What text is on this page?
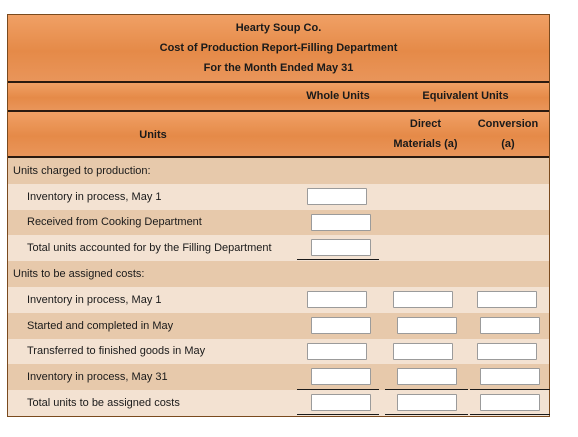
Hearty Soup Co.
Cost of Production Report-Filling Department
For the Month Ended May 31
Whole Units	Equivalent Units
Units
Direct
Materials (a)
Conversion
(a)
Units charged to production:
Inventory in process, May 1
Received from Cooking Department
Total units accounted for by the Filling Department
Units to be assigned costs:
Inventory in process, May 1
Started and completed in May
Transferred to finished goods in May
Inventory in process, May 31
Total units to be assigned costs
